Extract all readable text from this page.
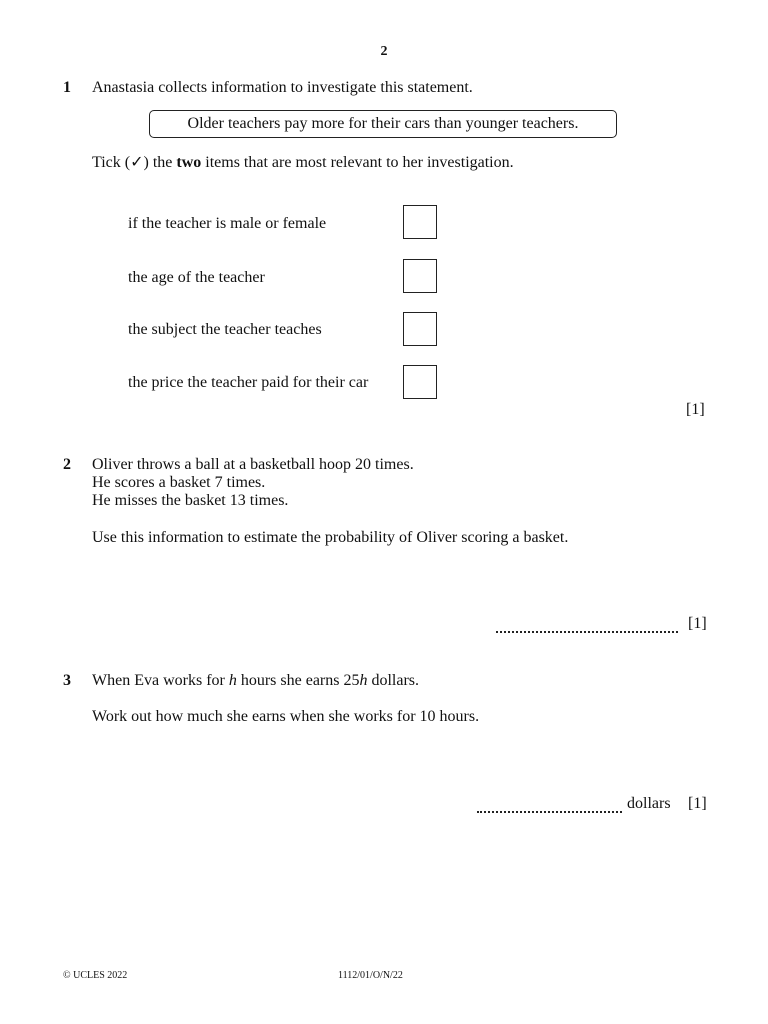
2
1 Anastasia collects information to investigate this statement.
Older teachers pay more for their cars than younger teachers.
Tick (✓) the two items that are most relevant to her investigation.
if the teacher is male or female
the age of the teacher
the subject the teacher teaches
the price the teacher paid for their car
[1]
2 Oliver throws a ball at a basketball hoop 20 times.
He scores a basket 7 times.
He misses the basket 13 times.
Use this information to estimate the probability of Oliver scoring a basket.
[1]
3 When Eva works for h hours she earns 25h dollars.
Work out how much she earns when she works for 10 hours.
dollars [1]
© UCLES 2022	1112/01/O/N/22
